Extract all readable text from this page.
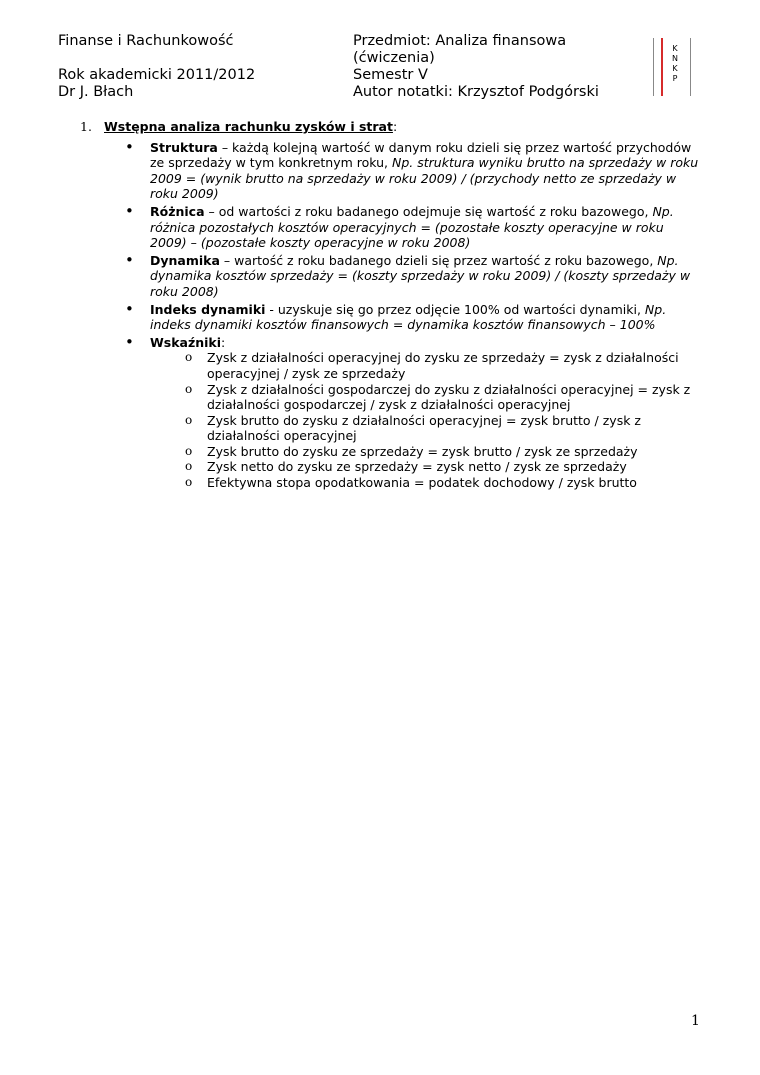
Finanse i Rachunkowość
Rok akademicki 2011/2012
Dr J. Błach
Przedmiot: Analiza finansowa
(ćwiczenia)
Semestr V
Autor notatki: Krzysztof Podgórski
K
N
K
P
1. Wstępna analiza rachunku zysków i strat:
• Struktura – każdą kolejną wartość w danym roku dzieli się przez wartość przychodów ze sprzedaży w tym konkretnym roku, Np. struktura wyniku brutto na sprzedaży w roku 2009 = (wynik brutto na sprzedaży w roku 2009) / (przychody netto ze sprzedaży w roku 2009)
• Różnica – od wartości z roku badanego odejmuje się wartość z roku bazowego, Np. różnica pozostałych kosztów operacyjnych = (pozostałe koszty operacyjne w roku 2009) – (pozostałe koszty operacyjne w roku 2008)
• Dynamika – wartość z roku badanego dzieli się przez wartość z roku bazowego, Np. dynamika kosztów sprzedaży = (koszty sprzedaży w roku 2009) / (koszty sprzedaży w roku 2008)
• Indeks dynamiki - uzyskuje się go przez odjęcie 100% od wartości dynamiki, Np. indeks dynamiki kosztów finansowych = dynamika kosztów finansowych – 100%
• Wskaźniki:
o Zysk z działalności operacyjnej do zysku ze sprzedaży = zysk z działalności operacyjnej / zysk ze sprzedaży
o Zysk z działalności gospodarczej do zysku z działalności operacyjnej = zysk z działalności gospodarczej / zysk z działalności operacyjnej
o Zysk brutto do zysku z działalności operacyjnej = zysk brutto / zysk z działalności operacyjnej
o Zysk brutto do zysku ze sprzedaży = zysk brutto / zysk ze sprzedaży
o Zysk netto do zysku ze sprzedaży = zysk netto / zysk ze sprzedaży
o Efektywna stopa opodatkowania = podatek dochodowy / zysk brutto
1
